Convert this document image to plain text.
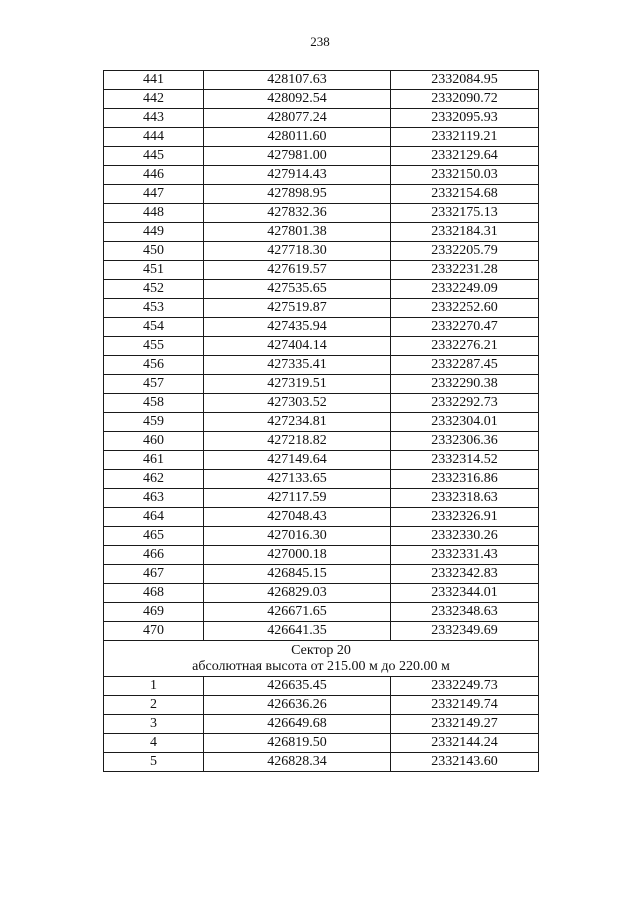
238
441	428107.63	2332084.95
442	428092.54	2332090.72
443	428077.24	2332095.93
444	428011.60	2332119.21
445	427981.00	2332129.64
446	427914.43	2332150.03
447	427898.95	2332154.68
448	427832.36	2332175.13
449	427801.38	2332184.31
450	427718.30	2332205.79
451	427619.57	2332231.28
452	427535.65	2332249.09
453	427519.87	2332252.60
454	427435.94	2332270.47
455	427404.14	2332276.21
456	427335.41	2332287.45
457	427319.51	2332290.38
458	427303.52	2332292.73
459	427234.81	2332304.01
460	427218.82	2332306.36
461	427149.64	2332314.52
462	427133.65	2332316.86
463	427117.59	2332318.63
464	427048.43	2332326.91
465	427016.30	2332330.26
466	427000.18	2332331.43
467	426845.15	2332342.83
468	426829.03	2332344.01
469	426671.65	2332348.63
470	426641.35	2332349.69

Сектор 20
абсолютная высота от 215.00 м до 220.00 м		

1	426635.45	2332249.73
2	426636.26	2332149.74
3	426649.68	2332149.27
4	426819.50	2332144.24
5	426828.34	2332143.60
